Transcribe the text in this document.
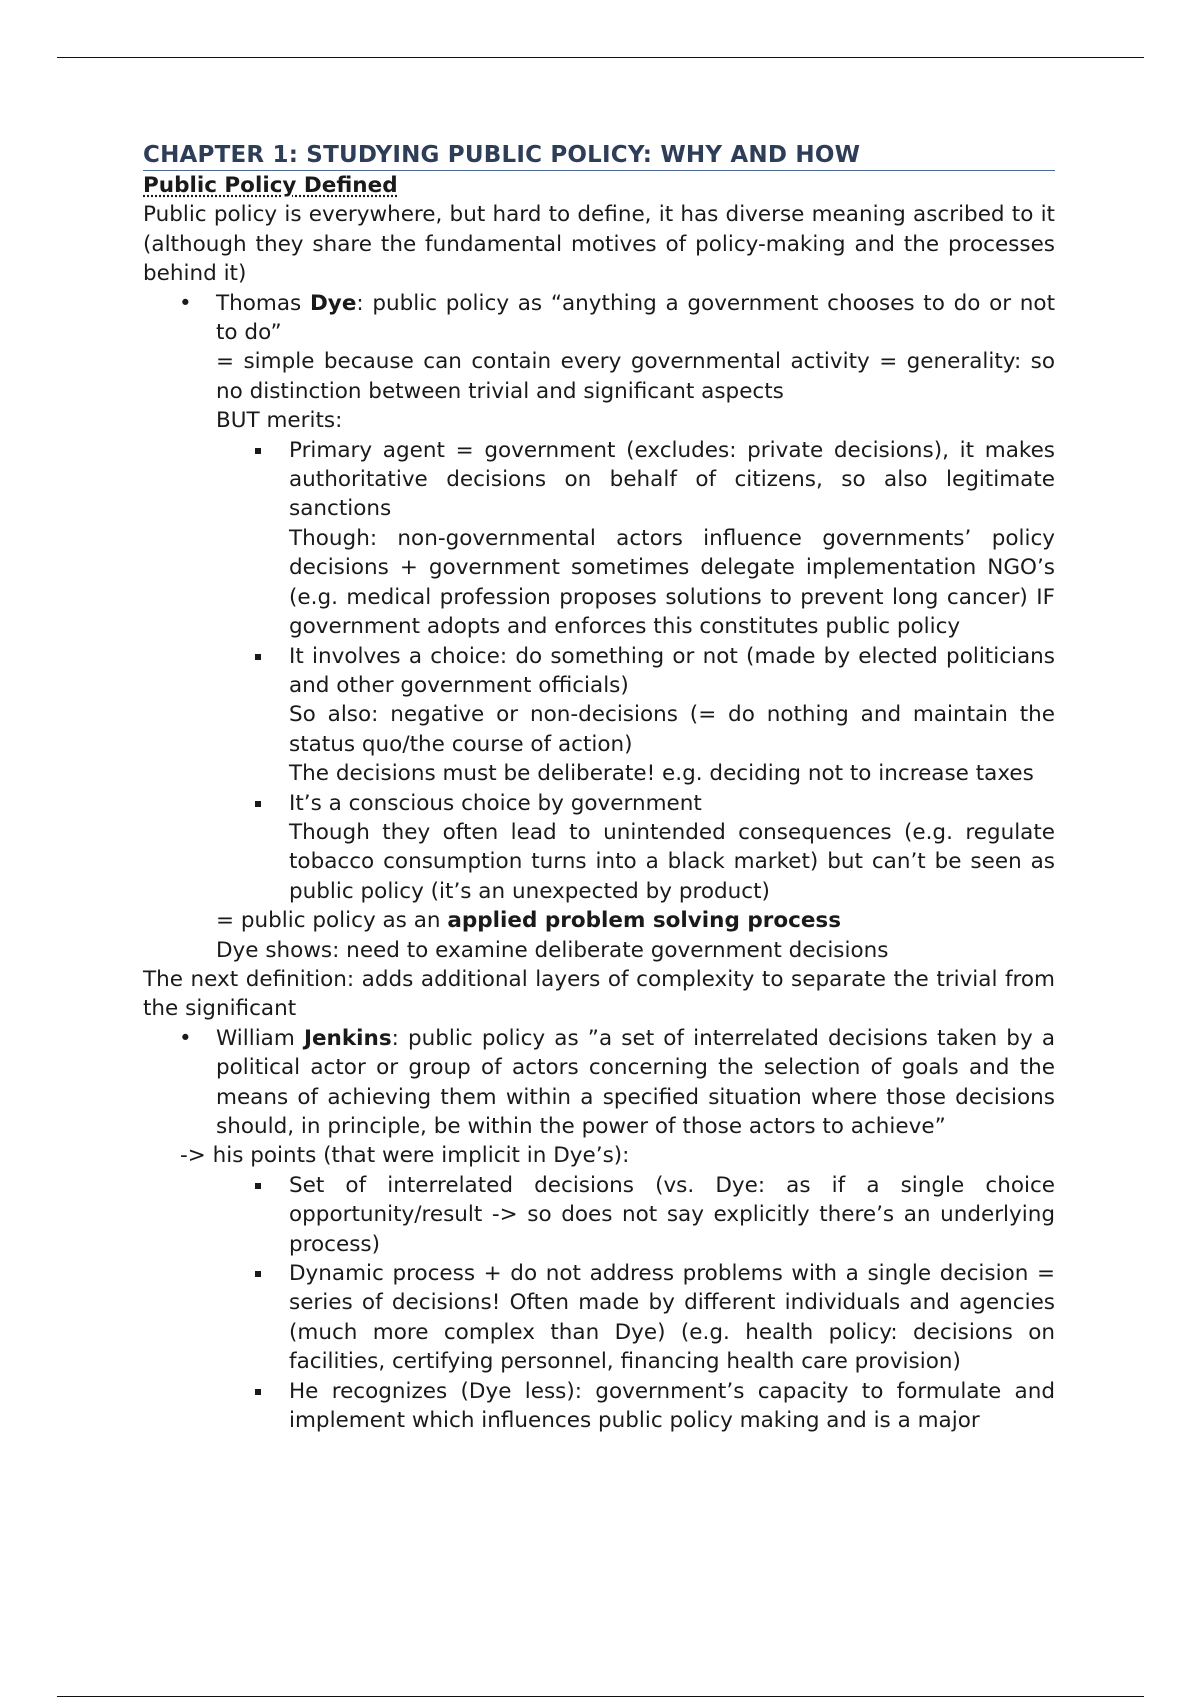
CHAPTER 1: STUDYING PUBLIC POLICY: WHY AND HOW

Public Policy Defined

Public policy is everywhere, but hard to define, it has diverse meaning ascribed to it (although they share the fundamental motives of policy-making and the processes behind it)

• Thomas Dye: public policy as “anything a government chooses to do or not to do”

= simple because can contain every governmental activity = generality: so no distinction between trivial and significant aspects

BUT merits:

Primary agent = government (excludes: private decisions), it makes authoritative decisions on behalf of citizens, so also legitimate sanctions

Though: non-governmental actors influence governments’ policy decisions + government sometimes delegate implementation NGO’s (e.g. medical profession proposes solutions to prevent long cancer) IF government adopts and enforces this constitutes public policy

It involves a choice: do something or not (made by elected politicians and other government officials)

So also: negative or non-decisions (= do nothing and maintain the status quo/the course of action)

The decisions must be deliberate! e.g. deciding not to increase taxes

It’s a conscious choice by government

Though they often lead to unintended consequences (e.g. regulate tobacco consumption turns into a black market) but can’t be seen as public policy (it’s an unexpected by product)

= public policy as an applied problem solving process

Dye shows: need to examine deliberate government decisions

The next definition: adds additional layers of complexity to separate the trivial from the significant

• William Jenkins: public policy as ”a set of interrelated decisions taken by a political actor or group of actors concerning the selection of goals and the means of achieving them within a specified situation where those decisions should, in principle, be within the power of those actors to achieve”

-> his points (that were implicit in Dye’s):

Set of interrelated decisions (vs. Dye: as if a single choice opportunity/result -> so does not say explicitly there’s an underlying process)
Dynamic process + do not address problems with a single decision = series of decisions! Often made by different individuals and agencies (much more complex than Dye) (e.g. health policy: decisions on facilities, certifying personnel, financing health care provision)
He recognizes (Dye less): government’s capacity to formulate and implement which influences public policy making and is a major
